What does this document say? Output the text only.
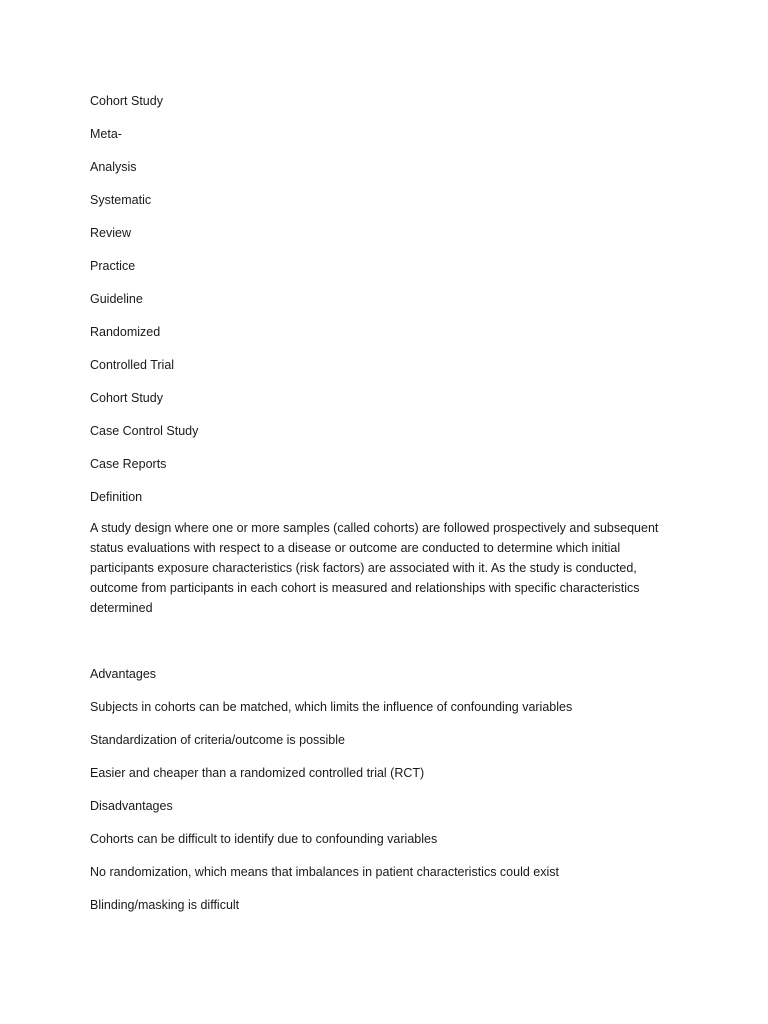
Cohort Study
Meta-
Analysis
Systematic
Review
Practice
Guideline
Randomized
Controlled Trial
Cohort Study
Case Control Study
Case Reports
Definition

A study design where one or more samples (called cohorts) are followed prospectively and subsequent status evaluations with respect to a disease or outcome are conducted to determine which initial participants exposure characteristics (risk factors) are associated with it. As the study is conducted, outcome from participants in each cohort is measured and relationships with specific characteristics determined

Advantages
Subjects in cohorts can be matched, which limits the influence of confounding variables
Standardization of criteria/outcome is possible
Easier and cheaper than a randomized controlled trial (RCT)
Disadvantages
Cohorts can be difficult to identify due to confounding variables
No randomization, which means that imbalances in patient characteristics could exist
Blinding/masking is difficult
